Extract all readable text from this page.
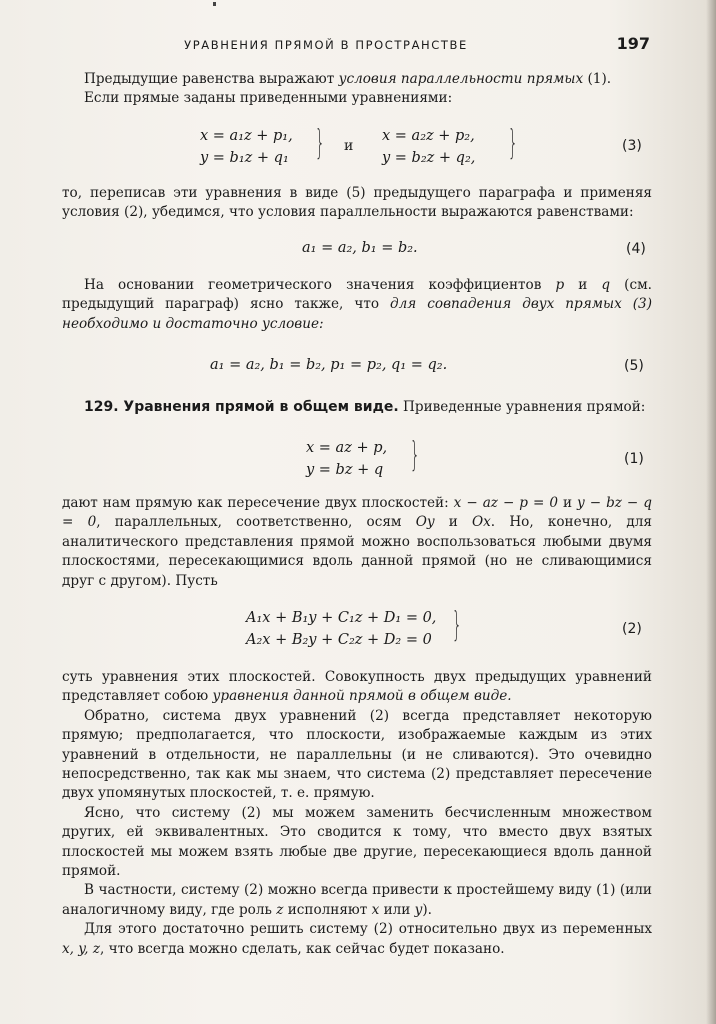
УРАВНЕНИЯ ПРЯМОЙ В ПРОСТРАНСТВЕ	197

Предыдущие равенства выражают условия параллельности прямых (1).

Если прямые заданы приведенными уравнениями:

x = a₁z + p₁,
y = b₁z + q₁ } и
x = a₂z + p₂,
y = b₂z + q₂, }	(3)

то, переписав эти уравнения в виде (5) предыдущего параграфа и применяя условия (2), убедимся, что условия параллельности выражаются равенствами:

a₁ = a₂, b₁ = b₂.	(4)

На основании геометрического значения коэффициентов p и q (см. предыдущий параграф) ясно также, что для совпадения двух прямых (3) необходимо и достаточно условие:

a₁ = a₂, b₁ = b₂, p₁ = p₂, q₁ = q₂.	(5)

129. Уравнения прямой в общем виде. Приведенные уравнения прямой:

x = az + p,
y = bz + q }	(1)

дают нам прямую как пересечение двух плоскостей: x − az − p = 0 и y − bz − q = 0, параллельных, соответственно, осям Oy и Ox. Но, конечно, для аналитического представления прямой можно воспользоваться любыми двумя плоскостями, пересекающимися вдоль данной прямой (но не сливающимися друг с другом). Пусть

A₁x + B₁y + C₁z + D₁ = 0,
A₂x + B₂y + C₂z + D₂ = 0 }	(2)

суть уравнения этих плоскостей. Совокупность двух предыдущих уравнений представляет собою уравнения данной прямой в общем виде.

Обратно, система двух уравнений (2) всегда представляет некоторую прямую; предполагается, что плоскости, изображаемые каждым из этих уравнений в отдельности, не параллельны (и не сливаются). Это очевидно непосредственно, так как мы знаем, что система (2) представляет пересечение двух упомянутых плоскостей, т. е. прямую.

Ясно, что систему (2) мы можем заменить бесчисленным множеством других, ей эквивалентных. Это сводится к тому, что вместо двух взятых плоскостей мы можем взять любые две другие, пересекающиеся вдоль данной прямой.

В частности, систему (2) можно всегда привести к простейшему виду (1) (или аналогичному виду, где роль z исполняют x или y).

Для этого достаточно решить систему (2) относительно двух из переменных x, y, z, что всегда можно сделать, как сейчас будет показано.
